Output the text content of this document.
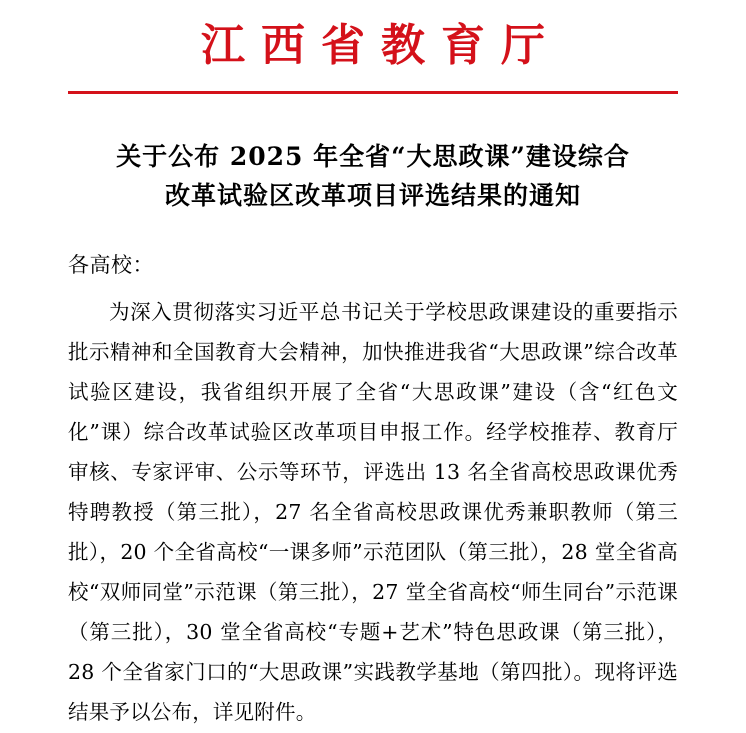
江西省教育厅
关于公布 2025 年全省“大思政课”建设综合
改革试验区改革项目评选结果的通知
各高校：

为深入贯彻落实习近平总书记关于学校思政课建设的重要指示批示精神和全国教育大会精神，加快推进我省“大思政课”综合改革试验区建设，我省组织开展了全省“大思政课”建设（含“红色文化”课）综合改革试验区改革项目申报工作。经学校推荐、教育厅审核、专家评审、公示等环节，评选出 13 名全省高校思政课优秀特聘教授（第三批），27 名全省高校思政课优秀兼职教师（第三批），20 个全省高校“一课多师”示范团队（第三批），28 堂全省高校“双师同堂”示范课（第三批），27 堂全省高校“师生同台”示范课（第三批），30 堂全省高校“专题+艺术”特色思政课（第三批），28 个全省家门口的“大思政课”实践教学基地（第四批）。现将评选结果予以公布，详见附件。
